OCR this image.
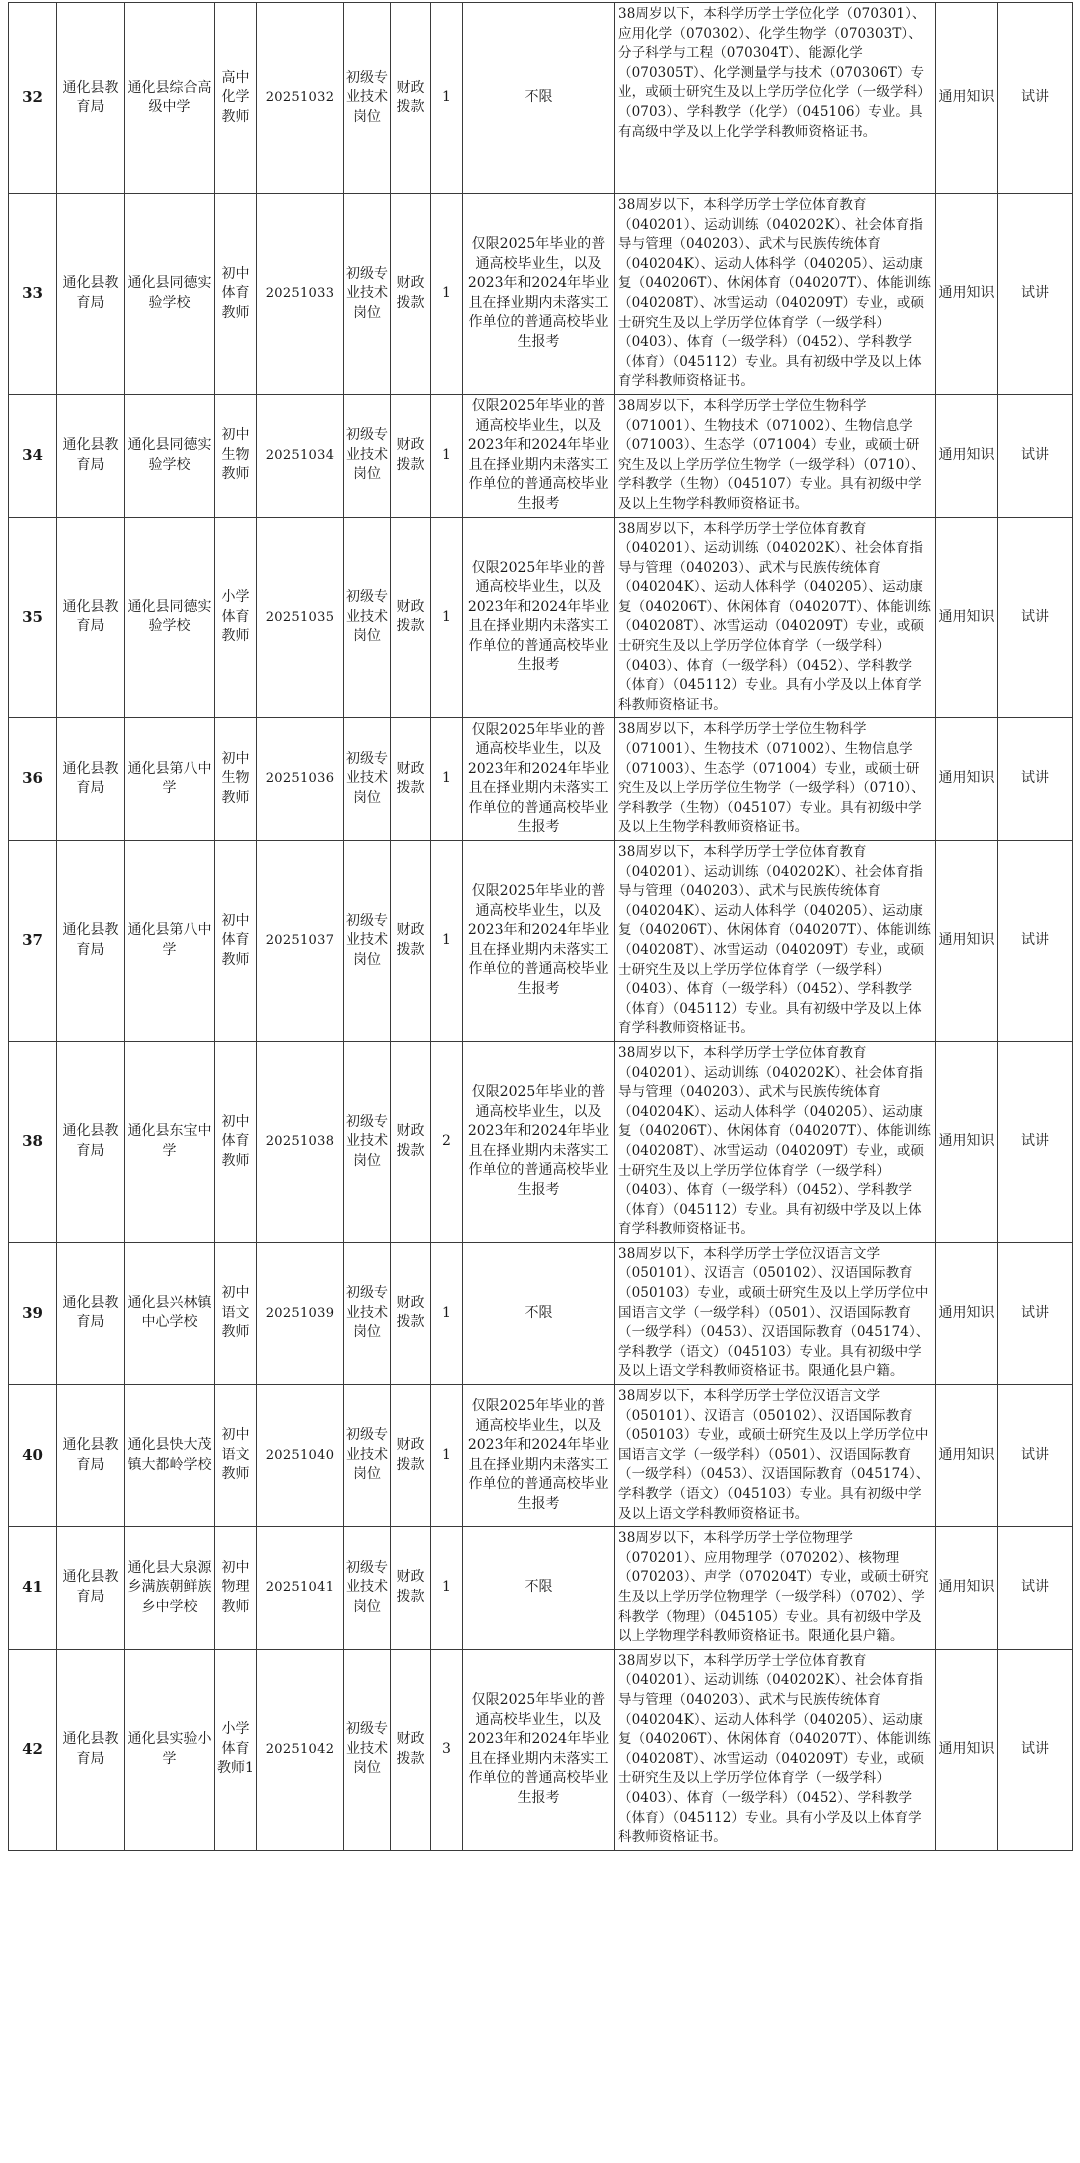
32	通化县教育局	通化县综合高级中学	高中化学教师	20251032	初级专业技术岗位	财政拨款	1	不限	38周岁以下，本科学历学士学位化学（070301）、应用化学（070302）、化学生物学（070303T）、分子科学与工程（070304T）、能源化学（070305T）、化学测量学与技术（070306T）专业，或硕士研究生及以上学历学位化学（一级学科）（0703）、学科教学（化学）（045106）专业。具有高级中学及以上化学学科教师资格证书。	通用知识	试讲
33	通化县教育局	通化县同德实验学校	初中体育教师	20251033	初级专业技术岗位	财政拨款	1	仅限2025年毕业的普通高校毕业生，以及2023年和2024年毕业且在择业期内未落实工作单位的普通高校毕业生报考	38周岁以下，本科学历学士学位体育教育（040201）、运动训练（040202K）、社会体育指导与管理（040203）、武术与民族传统体育（040204K）、运动人体科学（040205）、运动康复（040206T）、休闲体育（040207T）、体能训练（040208T）、冰雪运动（040209T）专业，或硕士研究生及以上学历学位体育学（一级学科）（0403）、体育（一级学科）（0452）、学科教学（体育）（045112）专业。具有初级中学及以上体育学科教师资格证书。	通用知识	试讲
34	通化县教育局	通化县同德实验学校	初中生物教师	20251034	初级专业技术岗位	财政拨款	1	仅限2025年毕业的普通高校毕业生，以及2023年和2024年毕业且在择业期内未落实工作单位的普通高校毕业生报考	38周岁以下，本科学历学士学位生物科学（071001）、生物技术（071002）、生物信息学（071003）、生态学（071004）专业，或硕士研究生及以上学历学位生物学（一级学科）（0710）、学科教学（生物）（045107）专业。具有初级中学及以上生物学科教师资格证书。	通用知识	试讲
35	通化县教育局	通化县同德实验学校	小学体育教师	20251035	初级专业技术岗位	财政拨款	1	仅限2025年毕业的普通高校毕业生，以及2023年和2024年毕业且在择业期内未落实工作单位的普通高校毕业生报考	38周岁以下，本科学历学士学位体育教育（040201）、运动训练（040202K）、社会体育指导与管理（040203）、武术与民族传统体育（040204K）、运动人体科学（040205）、运动康复（040206T）、休闲体育（040207T）、体能训练（040208T）、冰雪运动（040209T）专业，或硕士研究生及以上学历学位体育学（一级学科）（0403）、体育（一级学科）（0452）、学科教学（体育）（045112）专业。具有小学及以上体育学科教师资格证书。	通用知识	试讲
36	通化县教育局	通化县第八中学	初中生物教师	20251036	初级专业技术岗位	财政拨款	1	仅限2025年毕业的普通高校毕业生，以及2023年和2024年毕业且在择业期内未落实工作单位的普通高校毕业生报考	38周岁以下，本科学历学士学位生物科学（071001）、生物技术（071002）、生物信息学（071003）、生态学（071004）专业，或硕士研究生及以上学历学位生物学（一级学科）（0710）、学科教学（生物）（045107）专业。具有初级中学及以上生物学科教师资格证书。	通用知识	试讲
37	通化县教育局	通化县第八中学	初中体育教师	20251037	初级专业技术岗位	财政拨款	1	仅限2025年毕业的普通高校毕业生，以及2023年和2024年毕业且在择业期内未落实工作单位的普通高校毕业生报考	38周岁以下，本科学历学士学位体育教育（040201）、运动训练（040202K）、社会体育指导与管理（040203）、武术与民族传统体育（040204K）、运动人体科学（040205）、运动康复（040206T）、休闲体育（040207T）、体能训练（040208T）、冰雪运动（040209T）专业，或硕士研究生及以上学历学位体育学（一级学科）（0403）、体育（一级学科）（0452）、学科教学（体育）（045112）专业。具有初级中学及以上体育学科教师资格证书。	通用知识	试讲
38	通化县教育局	通化县东宝中学	初中体育教师	20251038	初级专业技术岗位	财政拨款	2	仅限2025年毕业的普通高校毕业生，以及2023年和2024年毕业且在择业期内未落实工作单位的普通高校毕业生报考	38周岁以下，本科学历学士学位体育教育（040201）、运动训练（040202K）、社会体育指导与管理（040203）、武术与民族传统体育（040204K）、运动人体科学（040205）、运动康复（040206T）、休闲体育（040207T）、体能训练（040208T）、冰雪运动（040209T）专业，或硕士研究生及以上学历学位体育学（一级学科）（0403）、体育（一级学科）（0452）、学科教学（体育）（045112）专业。具有初级中学及以上体育学科教师资格证书。	通用知识	试讲
39	通化县教育局	通化县兴林镇中心学校	初中语文教师	20251039	初级专业技术岗位	财政拨款	1	不限	38周岁以下，本科学历学士学位汉语言文学（050101）、汉语言（050102）、汉语国际教育（050103）专业，或硕士研究生及以上学历学位中国语言文学（一级学科）（0501）、汉语国际教育（一级学科）（0453）、汉语国际教育（045174）、学科教学（语文）（045103）专业。具有初级中学及以上语文学科教师资格证书。限通化县户籍。	通用知识	试讲
40	通化县教育局	通化县快大茂镇大都岭学校	初中语文教师	20251040	初级专业技术岗位	财政拨款	1	仅限2025年毕业的普通高校毕业生，以及2023年和2024年毕业且在择业期内未落实工作单位的普通高校毕业生报考	38周岁以下，本科学历学士学位汉语言文学（050101）、汉语言（050102）、汉语国际教育（050103）专业，或硕士研究生及以上学历学位中国语言文学（一级学科）（0501）、汉语国际教育（一级学科）（0453）、汉语国际教育（045174）、学科教学（语文）（045103）专业。具有初级中学及以上语文学科教师资格证书。	通用知识	试讲
41	通化县教育局	通化县大泉源乡满族朝鲜族乡中学校	初中物理教师	20251041	初级专业技术岗位	财政拨款	1	不限	38周岁以下，本科学历学士学位物理学（070201）、应用物理学（070202）、核物理（070203）、声学（070204T）专业，或硕士研究生及以上学历学位物理学（一级学科）（0702）、学科教学（物理）（045105）专业。具有初级中学及以上学物理学科教师资格证书。限通化县户籍。	通用知识	试讲
42	通化县教育局	通化县实验小学	小学体育教师1	20251042	初级专业技术岗位	财政拨款	3	仅限2025年毕业的普通高校毕业生，以及2023年和2024年毕业且在择业期内未落实工作单位的普通高校毕业生报考	38周岁以下，本科学历学士学位体育教育（040201）、运动训练（040202K）、社会体育指导与管理（040203）、武术与民族传统体育（040204K）、运动人体科学（040205）、运动康复（040206T）、休闲体育（040207T）、体能训练（040208T）、冰雪运动（040209T）专业，或硕士研究生及以上学历学位体育学（一级学科）（0403）、体育（一级学科）（0452）、学科教学（体育）（045112）专业。具有小学及以上体育学科教师资格证书。	通用知识	试讲
